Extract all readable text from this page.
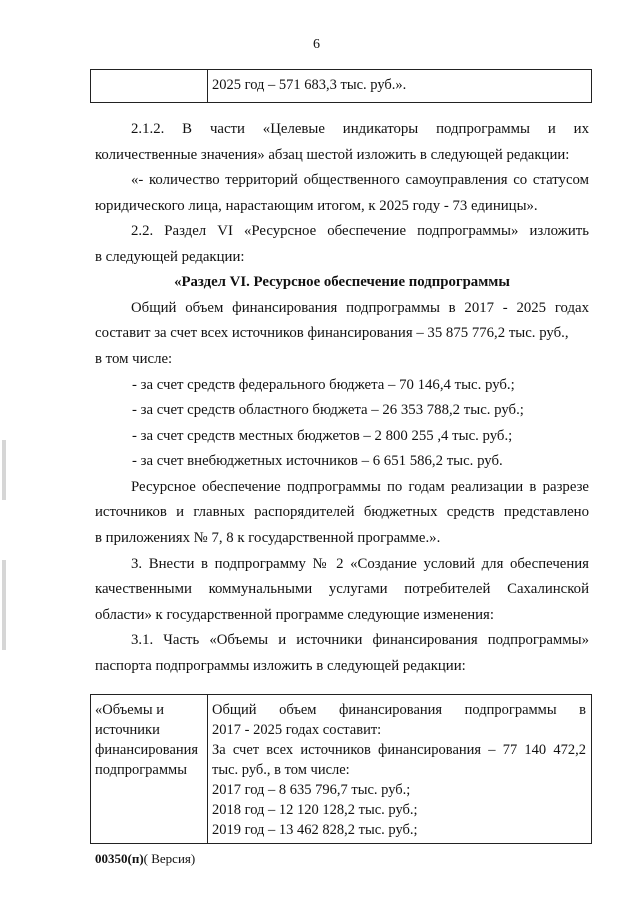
6
2025 год – 571 683,3 тыс. руб.».
2.1.2. В части «Целевые индикаторы подпрограммы и их
количественные значения» абзац шестой изложить в следующей редакции:
«- количество территорий общественного самоуправления со статусом
юридического лица, нарастающим итогом, к 2025 году - 73 единицы».
2.2. Раздел VI «Ресурсное обеспечение подпрограммы» изложить
в следующей редакции:
«Раздел VI. Ресурсное обеспечение подпрограммы
Общий объем финансирования подпрограммы в 2017 - 2025 годах
составит за счет всех источников финансирования – 35 875 776,2 тыс. руб.,
в том числе:
- за счет средств федерального бюджета – 70 146,4 тыс. руб.;
- за счет средств областного бюджета – 26 353 788,2 тыс. руб.;
- за счет средств местных бюджетов – 2 800 255 ,4 тыс. руб.;
- за счет внебюджетных источников – 6 651 586,2 тыс. руб.
Ресурсное обеспечение подпрограммы по годам реализации в разрезе
источников и главных распорядителей бюджетных средств представлено
в приложениях № 7, 8 к государственной программе.».
3. Внести в подпрограмму № 2 «Создание условий для обеспечения
качественными коммунальными услугами потребителей Сахалинской
области» к государственной программе следующие изменения:
3.1. Часть «Объемы и источники финансирования подпрограммы»
паспорта подпрограммы изложить в следующей редакции:
«Объемы и
источники
финансирования
подпрограммы
Общий объем финансирования подпрограммы в
2017 - 2025 годах составит:
За счет всех источников финансирования – 77 140 472,2
тыс. руб., в том числе:
2017 год – 8 635 796,7 тыс. руб.;
2018 год – 12 120 128,2 тыс. руб.;
2019 год – 13 462 828,2 тыс. руб.;
00350(п)( Версия)
